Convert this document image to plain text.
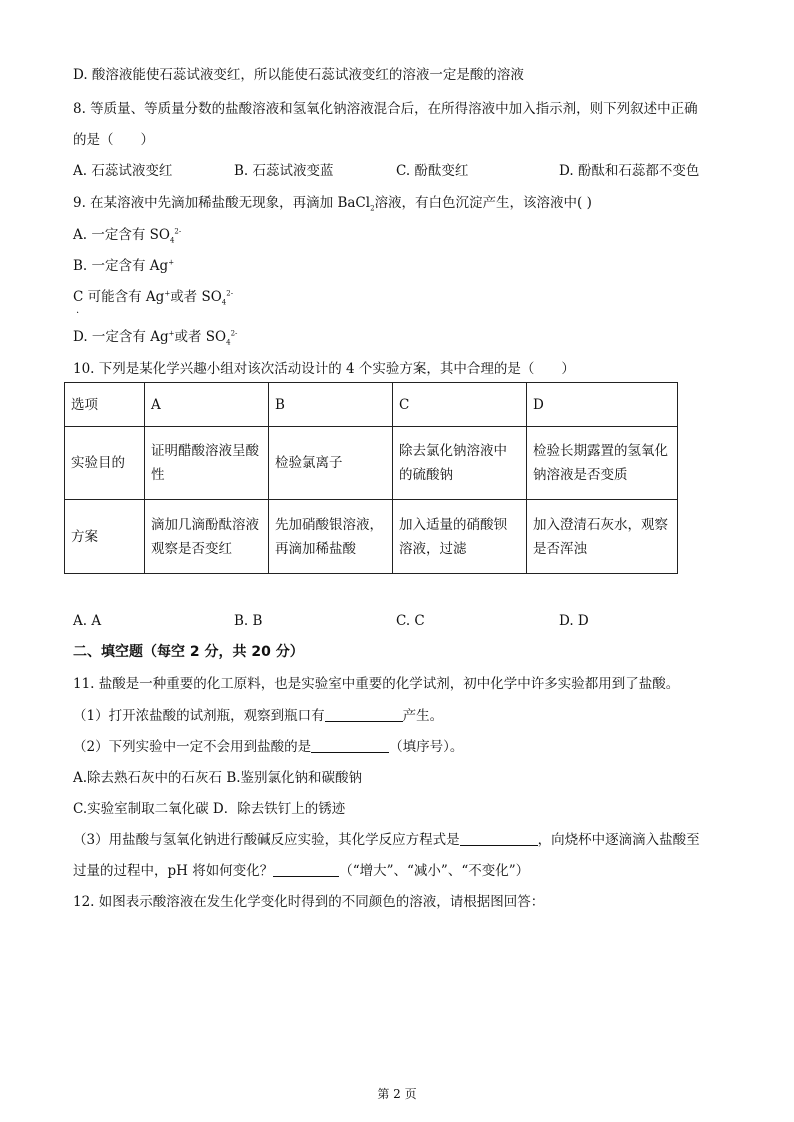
D. 酸溶液能使石蕊试液变红，所以能使石蕊试液变红的溶液一定是酸的溶液
8. 等质量、等质量分数的盐酸溶液和氢氧化钠溶液混合后，在所得溶液中加入指示剂，则下列叙述中正确
的是（　　）
A. 石蕊试液变红	B. 石蕊试液变蓝	C. 酚酞变红	D. 酚酞和石蕊都不变色
9. 在某溶液中先滴加稀盐酸无现象，再滴加 BaCl$_2$溶液，有白色沉淀产生，该溶液中( )
A. 一定含有 $SO_4^{2-}$
B. 一定含有 Ag+
C 可能含有 Ag+或者 $SO_4^{2-}$
.
D. 一定含有 Ag+或者 $SO_4^{2-}$
10. 下列是某化学兴趣小组对该次活动设计的 4 个实验方案，其中合理的是（　　）
选项	A	B	C	D
实验目的	证明醋酸溶液呈酸性	检验氯离子	除去氯化钠溶液中的硫酸钠	检验长期露置的氢氧化钠溶液是否变质
方案	滴加几滴酚酞溶液观察是否变红	先加硝酸银溶液，再滴加稀盐酸	加入适量的硝酸钡溶液，过滤	加入澄清石灰水，观察是否浑浊
A. A	B. B	C. C	D. D
二、填空题（每空 2 分，共 20 分）
11. 盐酸是一种重要的化工原料，也是实验室中重要的化学试剂，初中化学中许多实验都用到了盐酸。
（1）打开浓盐酸的试剂瓶，观察到瓶口有	产生。
（2）下列实验中一定不会用到盐酸的是	（填序号）。
A.除去熟石灰中的石灰石 B.鉴别氯化钠和碳酸钠
C.实验室制取二氧化碳 D．除去铁钉上的锈迹
（3）用盐酸与氢氧化钠进行酸碱反应实验，其化学反应方程式是	，向烧杯中逐滴滴入盐酸至
过量的过程中，pH 将如何变化？	（“增大”、“减小”、“不变化”）
12. 如图表示酸溶液在发生化学变化时得到的不同颜色的溶液，请根据图回答：
第 2 页
